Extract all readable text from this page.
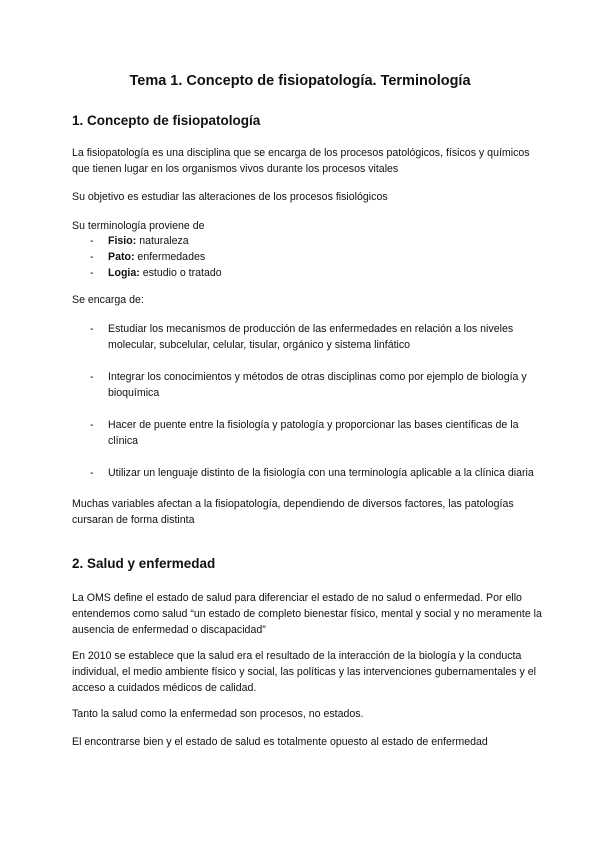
Tema 1. Concepto de fisiopatología. Terminología
1. Concepto de fisiopatología

La fisiopatología es una disciplina que se encarga de los procesos patológicos, físicos y químicos que tienen lugar en los organismos vivos durante los procesos vitales

Su objetivo es estudiar las alteraciones de los procesos fisiológicos

Su terminología proviene de

- Fisio: naturaleza
- Pato: enfermedades
- Logia: estudio o tratado

Se encarga de:

- Estudiar los mecanismos de producción de las enfermedades en relación a los niveles molecular, subcelular, celular, tisular, orgánico y sistema linfático
- Integrar los conocimientos y métodos de otras disciplinas como por ejemplo de biología y bioquímica
- Hacer de puente entre la fisiología y patología y proporcionar las bases científicas de la clínica
- Utilizar un lenguaje distinto de la fisiología con una terminología aplicable a la clínica diaria

Muchas variables afectan a la fisiopatología, dependiendo de diversos factores, las patologías cursaran de forma distinta

2. Salud y enfermedad

La OMS define el estado de salud para diferenciar el estado de no salud o enfermedad. Por ello entendemos como salud “un estado de completo bienestar físico, mental y social y no meramente la ausencia de enfermedad o discapacidad”

En 2010 se establece que la salud era el resultado de la interacción de la biología y la conducta individual, el medio ambiente físico y social, las políticas y las intervenciones gubernamentales y el acceso a cuidados médicos de calidad.

Tanto la salud como la enfermedad son procesos, no estados.

El encontrarse bien y el estado de salud es totalmente opuesto al estado de enfermedad
